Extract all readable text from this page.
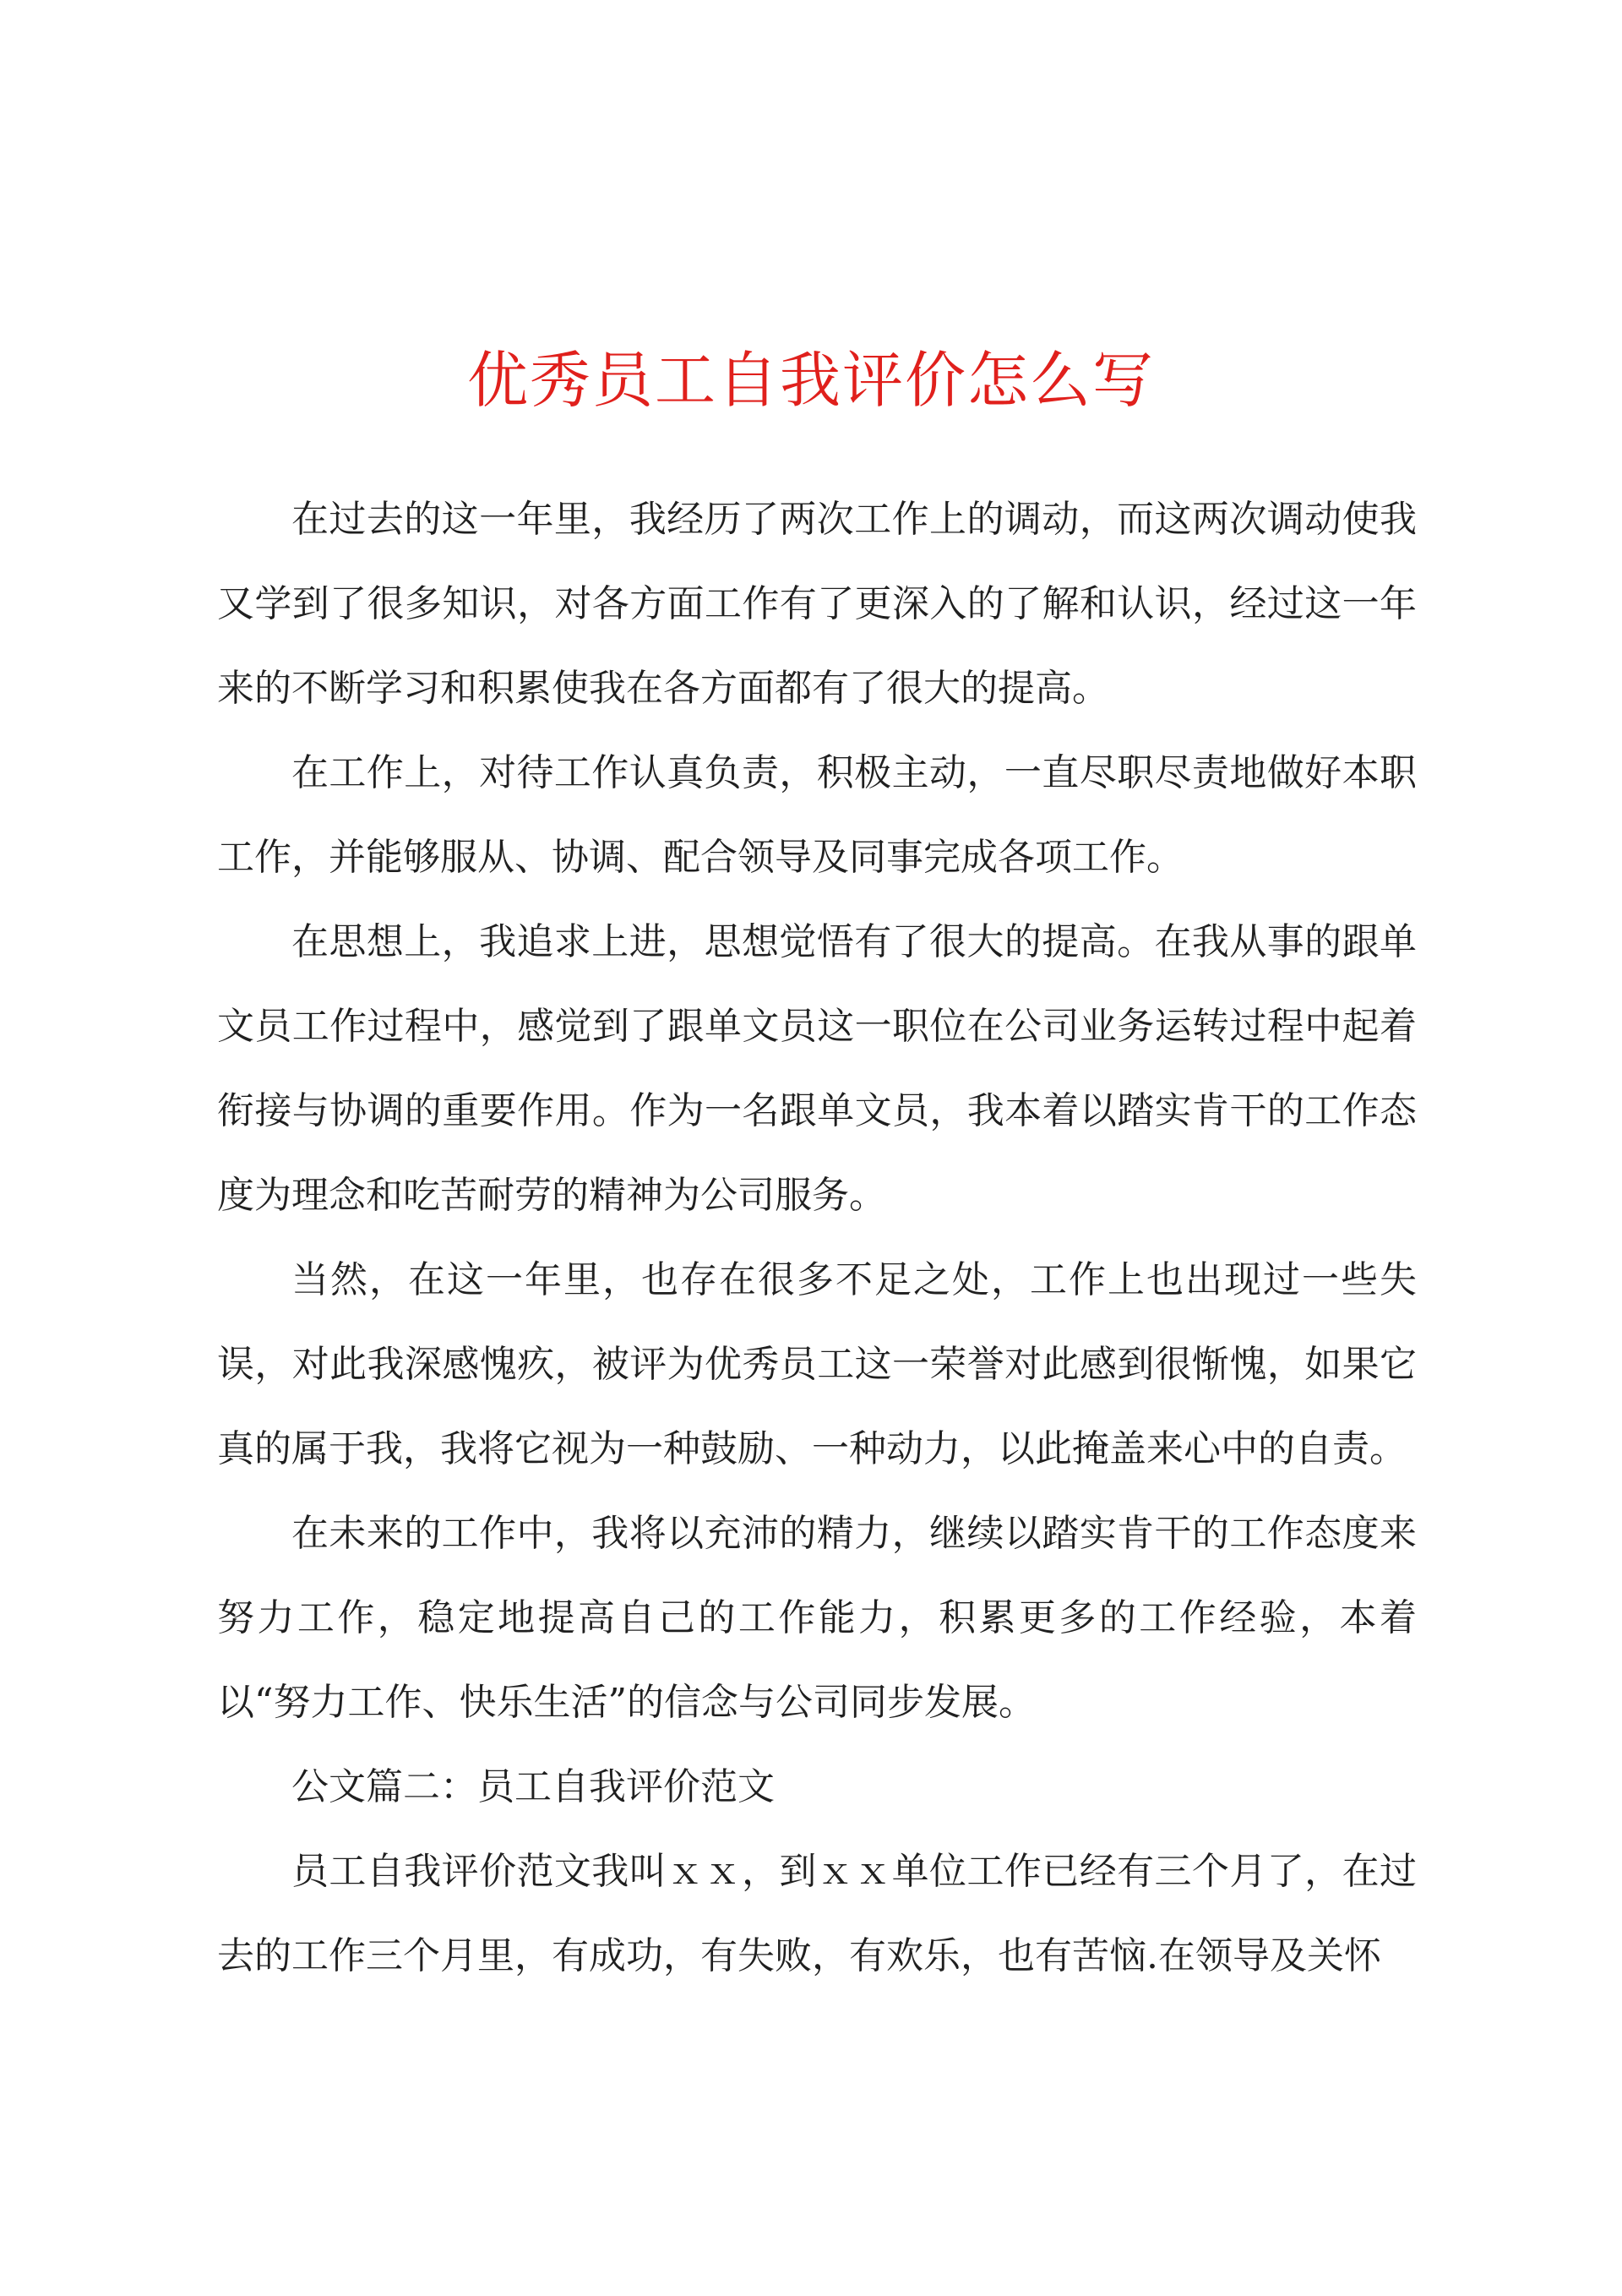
优秀员工自我评价怎么写

在过去的这一年里，我经历了两次工作上的调动，而这两次调动使我又学到了很多知识，对各方面工作有了更深入的了解和认识，经过这一年来的不断学习和积累使我在各方面都有了很大的提高。

在工作上，对待工作认真负责，积极主动，一直尽职尽责地做好本职工作，并能够服从、协调、配合领导及同事完成各项工作。

在思想上，我追求上进，思想觉悟有了很大的提高。在我从事的跟单文员工作过程中，感觉到了跟单文员这一职位在公司业务运转过程中起着衔接与协调的重要作用。作为一名跟单文员，我本着以踏实肯干的工作态度为理念和吃苦耐劳的精神为公司服务。

当然，在这一年里，也存在很多不足之处，工作上也出现过一些失误，对此我深感愧疚，被评为优秀员工这一荣誉对此感到很惭愧，如果它真的属于我，我将它视为一种鼓励、一种动力，以此掩盖来心中的自责。

在未来的工作中，我将以充沛的精力，继续以踏实肯干的工作态度来努力工作，稳定地提高自己的工作能力，积累更多的工作经验，本着以“努力工作、快乐生活”的信念与公司同步发展。

公文篇二：员工自我评价范文

员工自我评价范文我叫ｘｘ，到ｘｘ单位工作已经有三个月了，在过去的工作三个月里，有成功，有失败，有欢乐，也有苦恼.在领导及关怀
